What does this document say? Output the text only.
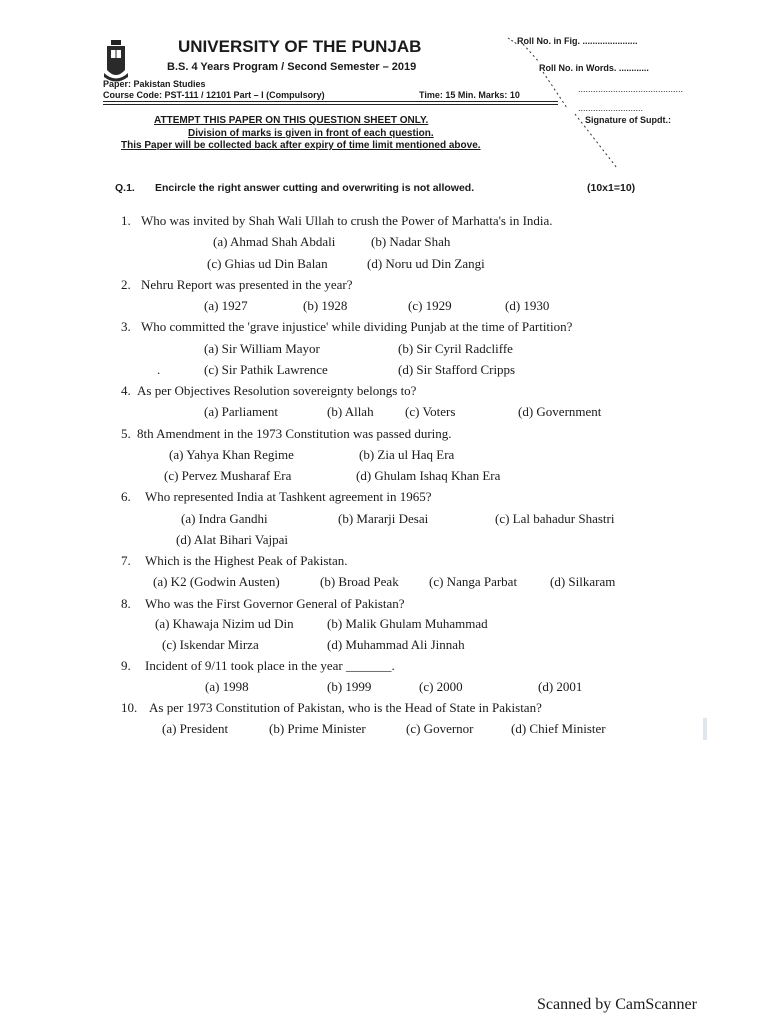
UNIVERSITY OF THE PUNJAB
B.S. 4 Years Program / Second Semester – 2019
Paper: Pakistan Studies
Course Code: PST-111 / 12101 Part – I (Compulsory)	Time: 15 Min. Marks: 10
Roll No. in Fig. ......................
Roll No. in Words. ............
..........................................
..........................
Signature of Supdt.:
ATTEMPT THIS PAPER ON THIS QUESTION SHEET ONLY.
Division of marks is given in front of each question.
This Paper will be collected back after expiry of time limit mentioned above.
Q.1. Encircle the right answer cutting and overwriting is not allowed.	(10x1=10)
1. Who was invited by Shah Wali Ullah to crush the Power of Marhatta's in India.
(a) Ahmad Shah Abdali	(b) Nadar Shah
(c) Ghias ud Din Balan	(d) Noru ud Din Zangi
2. Nehru Report was presented in the year?
(a) 1927	(b) 1928	(c) 1929	(d) 1930
3. Who committed the 'grave injustice' while dividing Punjab at the time of Partition?
(a) Sir William Mayor	(b) Sir Cyril Radcliffe
(c) Sir Pathik Lawrence	(d) Sir Stafford Cripps
.
4. As per Objectives Resolution sovereignty belongs to?
(a) Parliament	(b) Allah (c) Voters	(d) Government
5. 8th Amendment in the 1973 Constitution was passed during.
(a) Yahya Khan Regime	(b) Zia ul Haq Era
(c) Pervez Musharaf Era	(d) Ghulam Ishaq Khan Era
6. Who represented India at Tashkent agreement in 1965?
(a) Indra Gandhi	(b) Mararji Desai	(c) Lal bahadur Shastri
(d) Alat Bihari Vajpai
7. Which is the Highest Peak of Pakistan.
(a) K2 (Godwin Austen)	(b) Broad Peak (c) Nanga Parbat	(d) Silkaram
8. Who was the First Governor General of Pakistan?
(a) Khawaja Nizim ud Din	(b) Malik Ghulam Muhammad
(c) Iskendar Mirza	(d) Muhammad Ali Jinnah
9. Incident of 9/11 took place in the year _______.
(a) 1998	(b) 1999	(c) 2000	(d) 2001
10. As per 1973 Constitution of Pakistan, who is the Head of State in Pakistan?
(a) President	(b) Prime Minister	(c) Governor	(d) Chief Minister
Scanned by CamScanner
